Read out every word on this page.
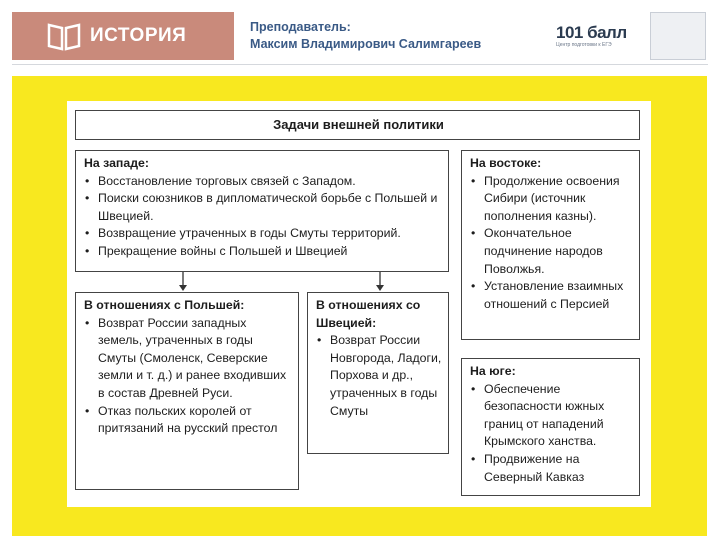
ИСТОРИЯ	Преподаватель:
Максим Владимирович Салимгареев
101 балл
Центр подготовки к ЕГЭ
Задачи внешней политики
На западе:
• Восстановление торговых связей с Западом.
• Поиски союзников в дипломатической борьбе с Польшей и Швецией.
• Возвращение утраченных в годы Смуты территорий.
• Прекращение войны с Польшей и Швецией
В отношениях с Польшей:
• Возврат России западных земель, утраченных в годы Смуты (Смоленск, Северские земли и т. д.) и ранее входивших в состав Древней Руси.
• Отказ польских королей от притязаний на русский престол
В отношениях со Швецией:
• Возврат России Новгорода, Ладоги, Порхова и др., утраченных в годы Смуты
На востоке:
• Продолжение освоения Сибири (источник пополнения казны).
• Окончательное подчинение народов Поволжья.
• Установление взаимных отношений с Персией
На юге:
• Обеспечение безопасности южных границ от нападений Крымского ханства.
• Продвижение на Северный Кавказ
